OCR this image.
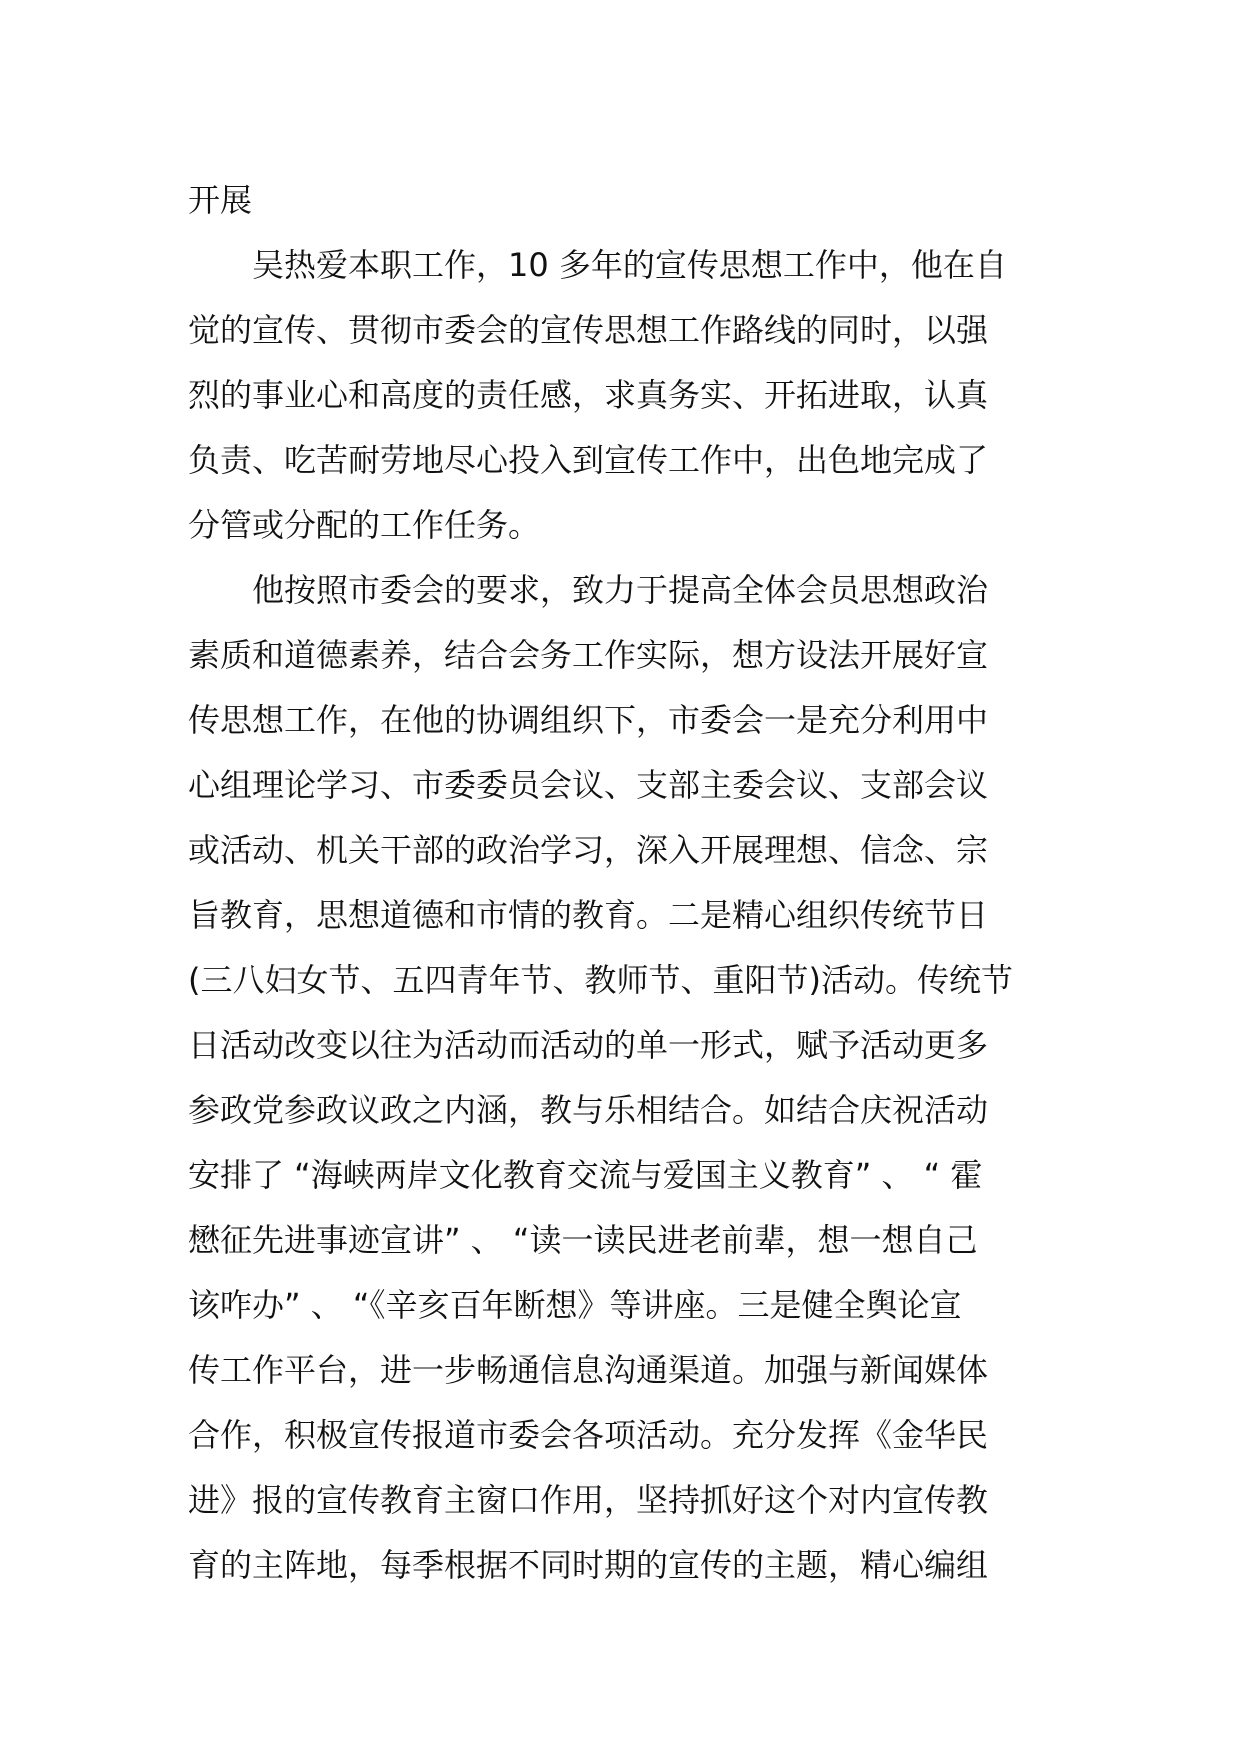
开展
　　吴热爱本职工作，10 多年的宣传思想工作中，他在自
觉的宣传、贯彻市委会的宣传思想工作路线的同时，以强
烈的事业心和高度的责任感，求真务实、开拓进取，认真
负责、吃苦耐劳地尽心投入到宣传工作中，出色地完成了
分管或分配的工作任务。
　　他按照市委会的要求，致力于提高全体会员思想政治
素质和道德素养，结合会务工作实际，想方设法开展好宣
传思想工作，在他的协调组织下，市委会一是充分利用中
心组理论学习、市委委员会议、支部主委会议、支部会议
或活动、机关干部的政治学习，深入开展理想、信念、宗
旨教育，思想道德和市情的教育。二是精心组织传统节日
(三八妇女节、五四青年节、教师节、重阳节)活动。传统节
日活动改变以往为活动而活动的单一形式，赋予活动更多
参政党参政议政之内涵，教与乐相结合。如结合庆祝活动
安排了 “海峡两岸文化教育交流与爱国主义教育” 、 “ 霍
懋征先进事迹宣讲” 、 “读一读民进老前辈，想一想自己
该咋办” 、 “《辛亥百年断想》等讲座。三是健全舆论宣
传工作平台，进一步畅通信息沟通渠道。加强与新闻媒体
合作，积极宣传报道市委会各项活动。充分发挥《金华民
进》报的宣传教育主窗口作用，坚持抓好这个对内宣传教
育的主阵地，每季根据不同时期的宣传的主题，精心编组
